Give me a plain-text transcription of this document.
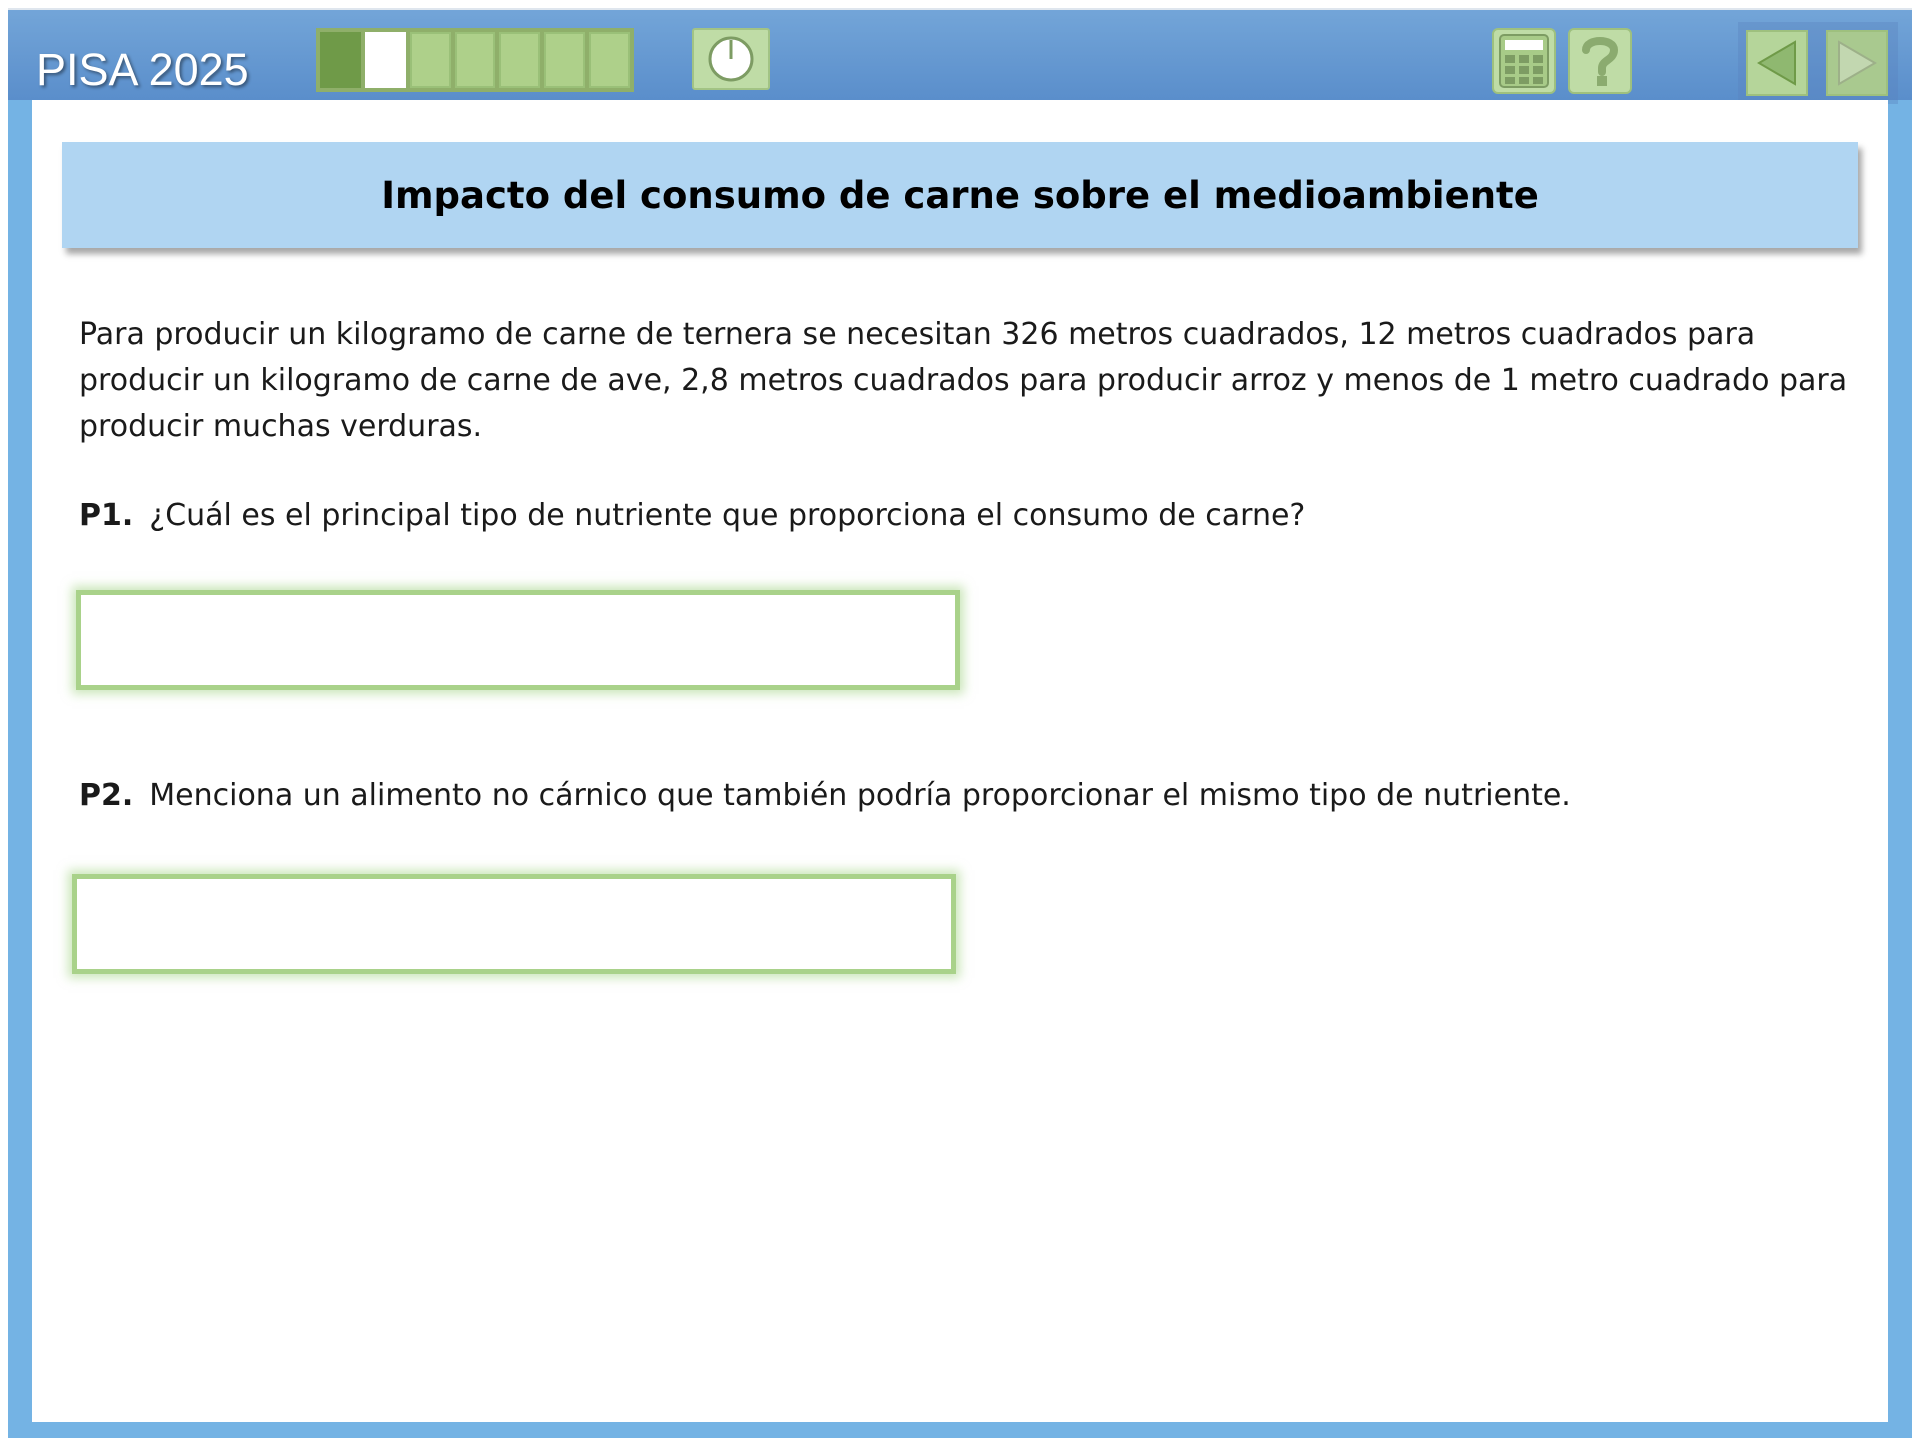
PISA 2025
Impacto del consumo de carne sobre el medioambiente

Para producir un kilogramo de carne de ternera se necesitan 326 metros cuadrados, 12 metros cuadrados para producir un kilogramo de carne de ave, 2,8 metros cuadrados para producir arroz y menos de 1 metro cuadrado para producir muchas verduras.

P1. ¿Cuál es el principal tipo de nutriente que proporciona el consumo de carne?
P2. Menciona un alimento no cárnico que también podría proporcionar el mismo tipo de nutriente.
